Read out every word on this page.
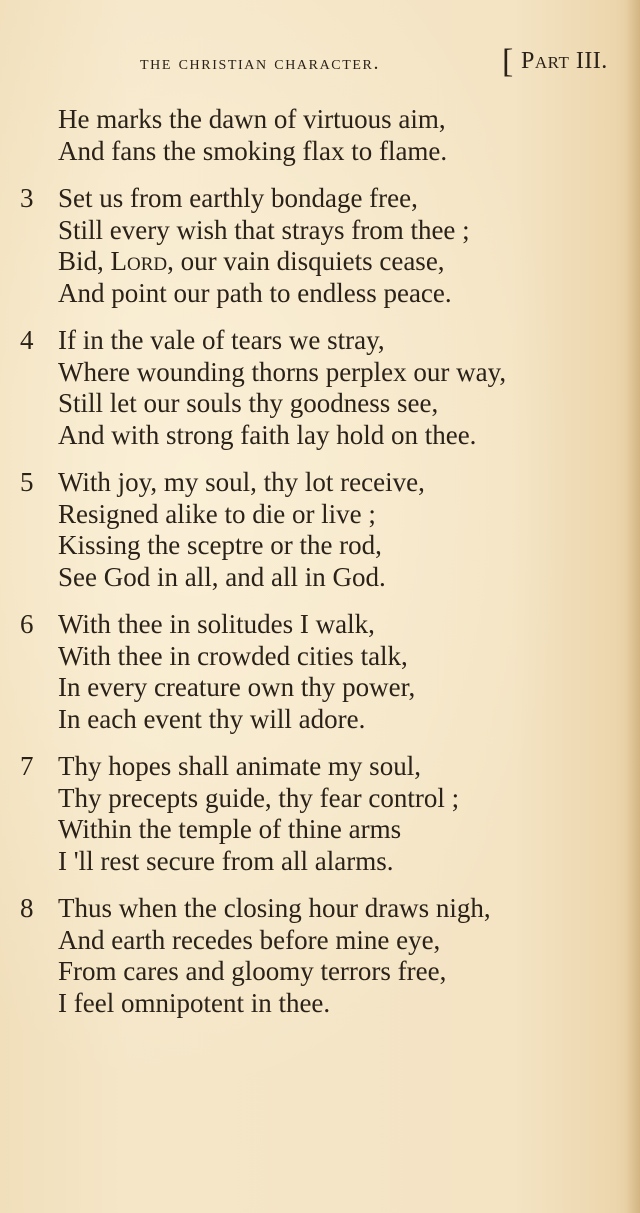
the christian character.	[ Part III.
He marks the dawn of virtuous aim,
And fans the smoking flax to flame.
3 Set us from earthly bondage free,
Still every wish that strays from thee ;
Bid, Lord, our vain disquiets cease,
And point our path to endless peace.
4 If in the vale of tears we stray,
Where wounding thorns perplex our way,
Still let our souls thy goodness see,
And with strong faith lay hold on thee.
5 With joy, my soul, thy lot receive,
Resigned alike to die or live ;
Kissing the sceptre or the rod,
See God in all, and all in God.
6 With thee in solitudes I walk,
With thee in crowded cities talk,
In every creature own thy power,
In each event thy will adore.
7 Thy hopes shall animate my soul,
Thy precepts guide, thy fear control ;
Within the temple of thine arms
I 'll rest secure from all alarms.
8 Thus when the closing hour draws nigh,
And earth recedes before mine eye,
From cares and gloomy terrors free,
I feel omnipotent in thee.
